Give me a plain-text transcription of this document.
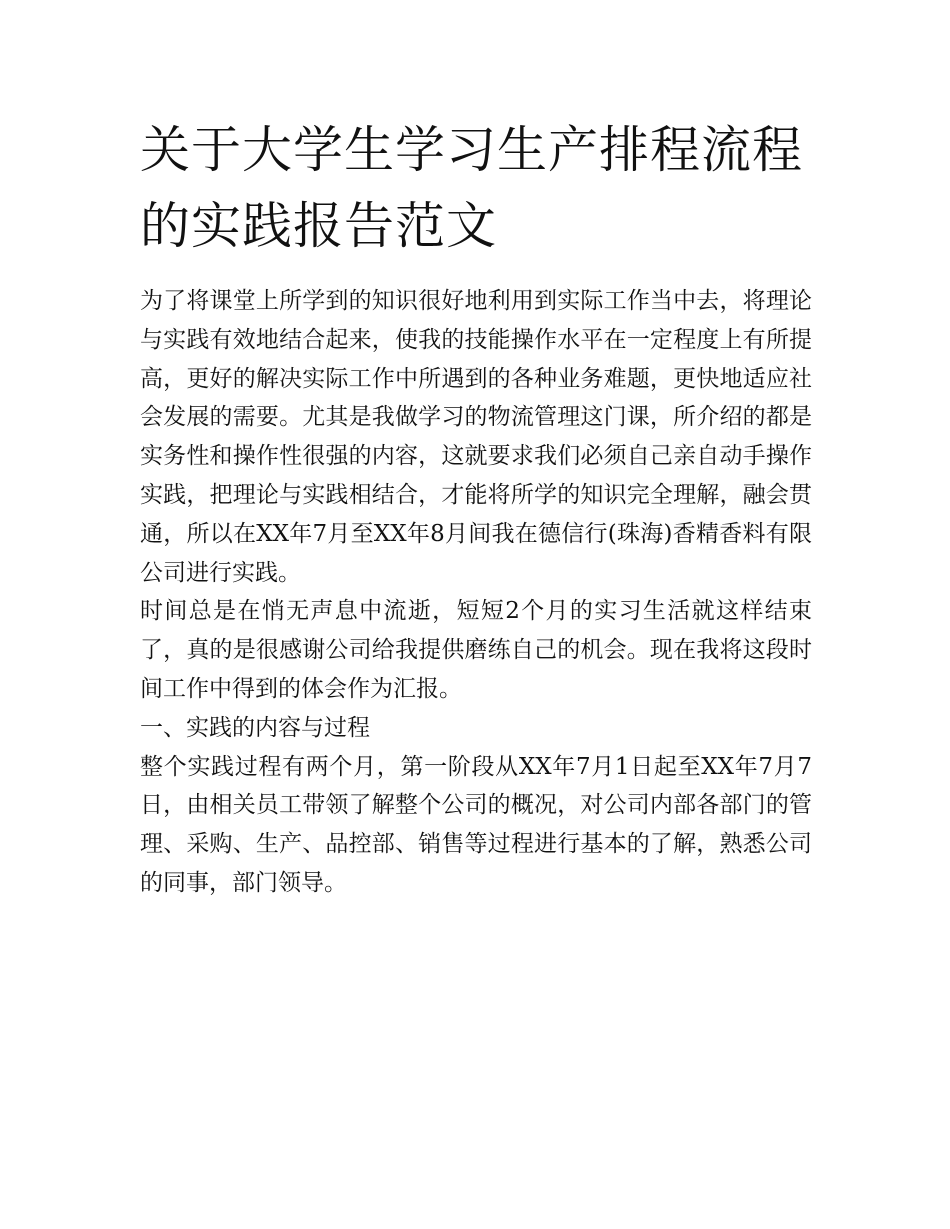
关于大学生学习生产排程流程的实践报告范文

为了将课堂上所学到的知识很好地利用到实际工作当中去，将理论与实践有效地结合起来，使我的技能操作水平在一定程度上有所提高，更好的解决实际工作中所遇到的各种业务难题，更快地适应社会发展的需要。尤其是我做学习的物流管理这门课，所介绍的都是实务性和操作性很强的内容，这就要求我们必须自己亲自动手操作实践，把理论与实践相结合，才能将所学的知识完全理解，融会贯通，所以在XX年7月至XX年8月间我在德信行(珠海)香精香料有限公司进行实践。

时间总是在悄无声息中流逝，短短2个月的实习生活就这样结束了，真的是很感谢公司给我提供磨练自己的机会。现在我将这段时间工作中得到的体会作为汇报。

一、实践的内容与过程

整个实践过程有两个月，第一阶段从XX年7月1日起至XX年7月7日，由相关员工带领了解整个公司的概况，对公司内部各部门的管理、采购、生产、品控部、销售等过程进行基本的了解，熟悉公司的同事，部门领导。
